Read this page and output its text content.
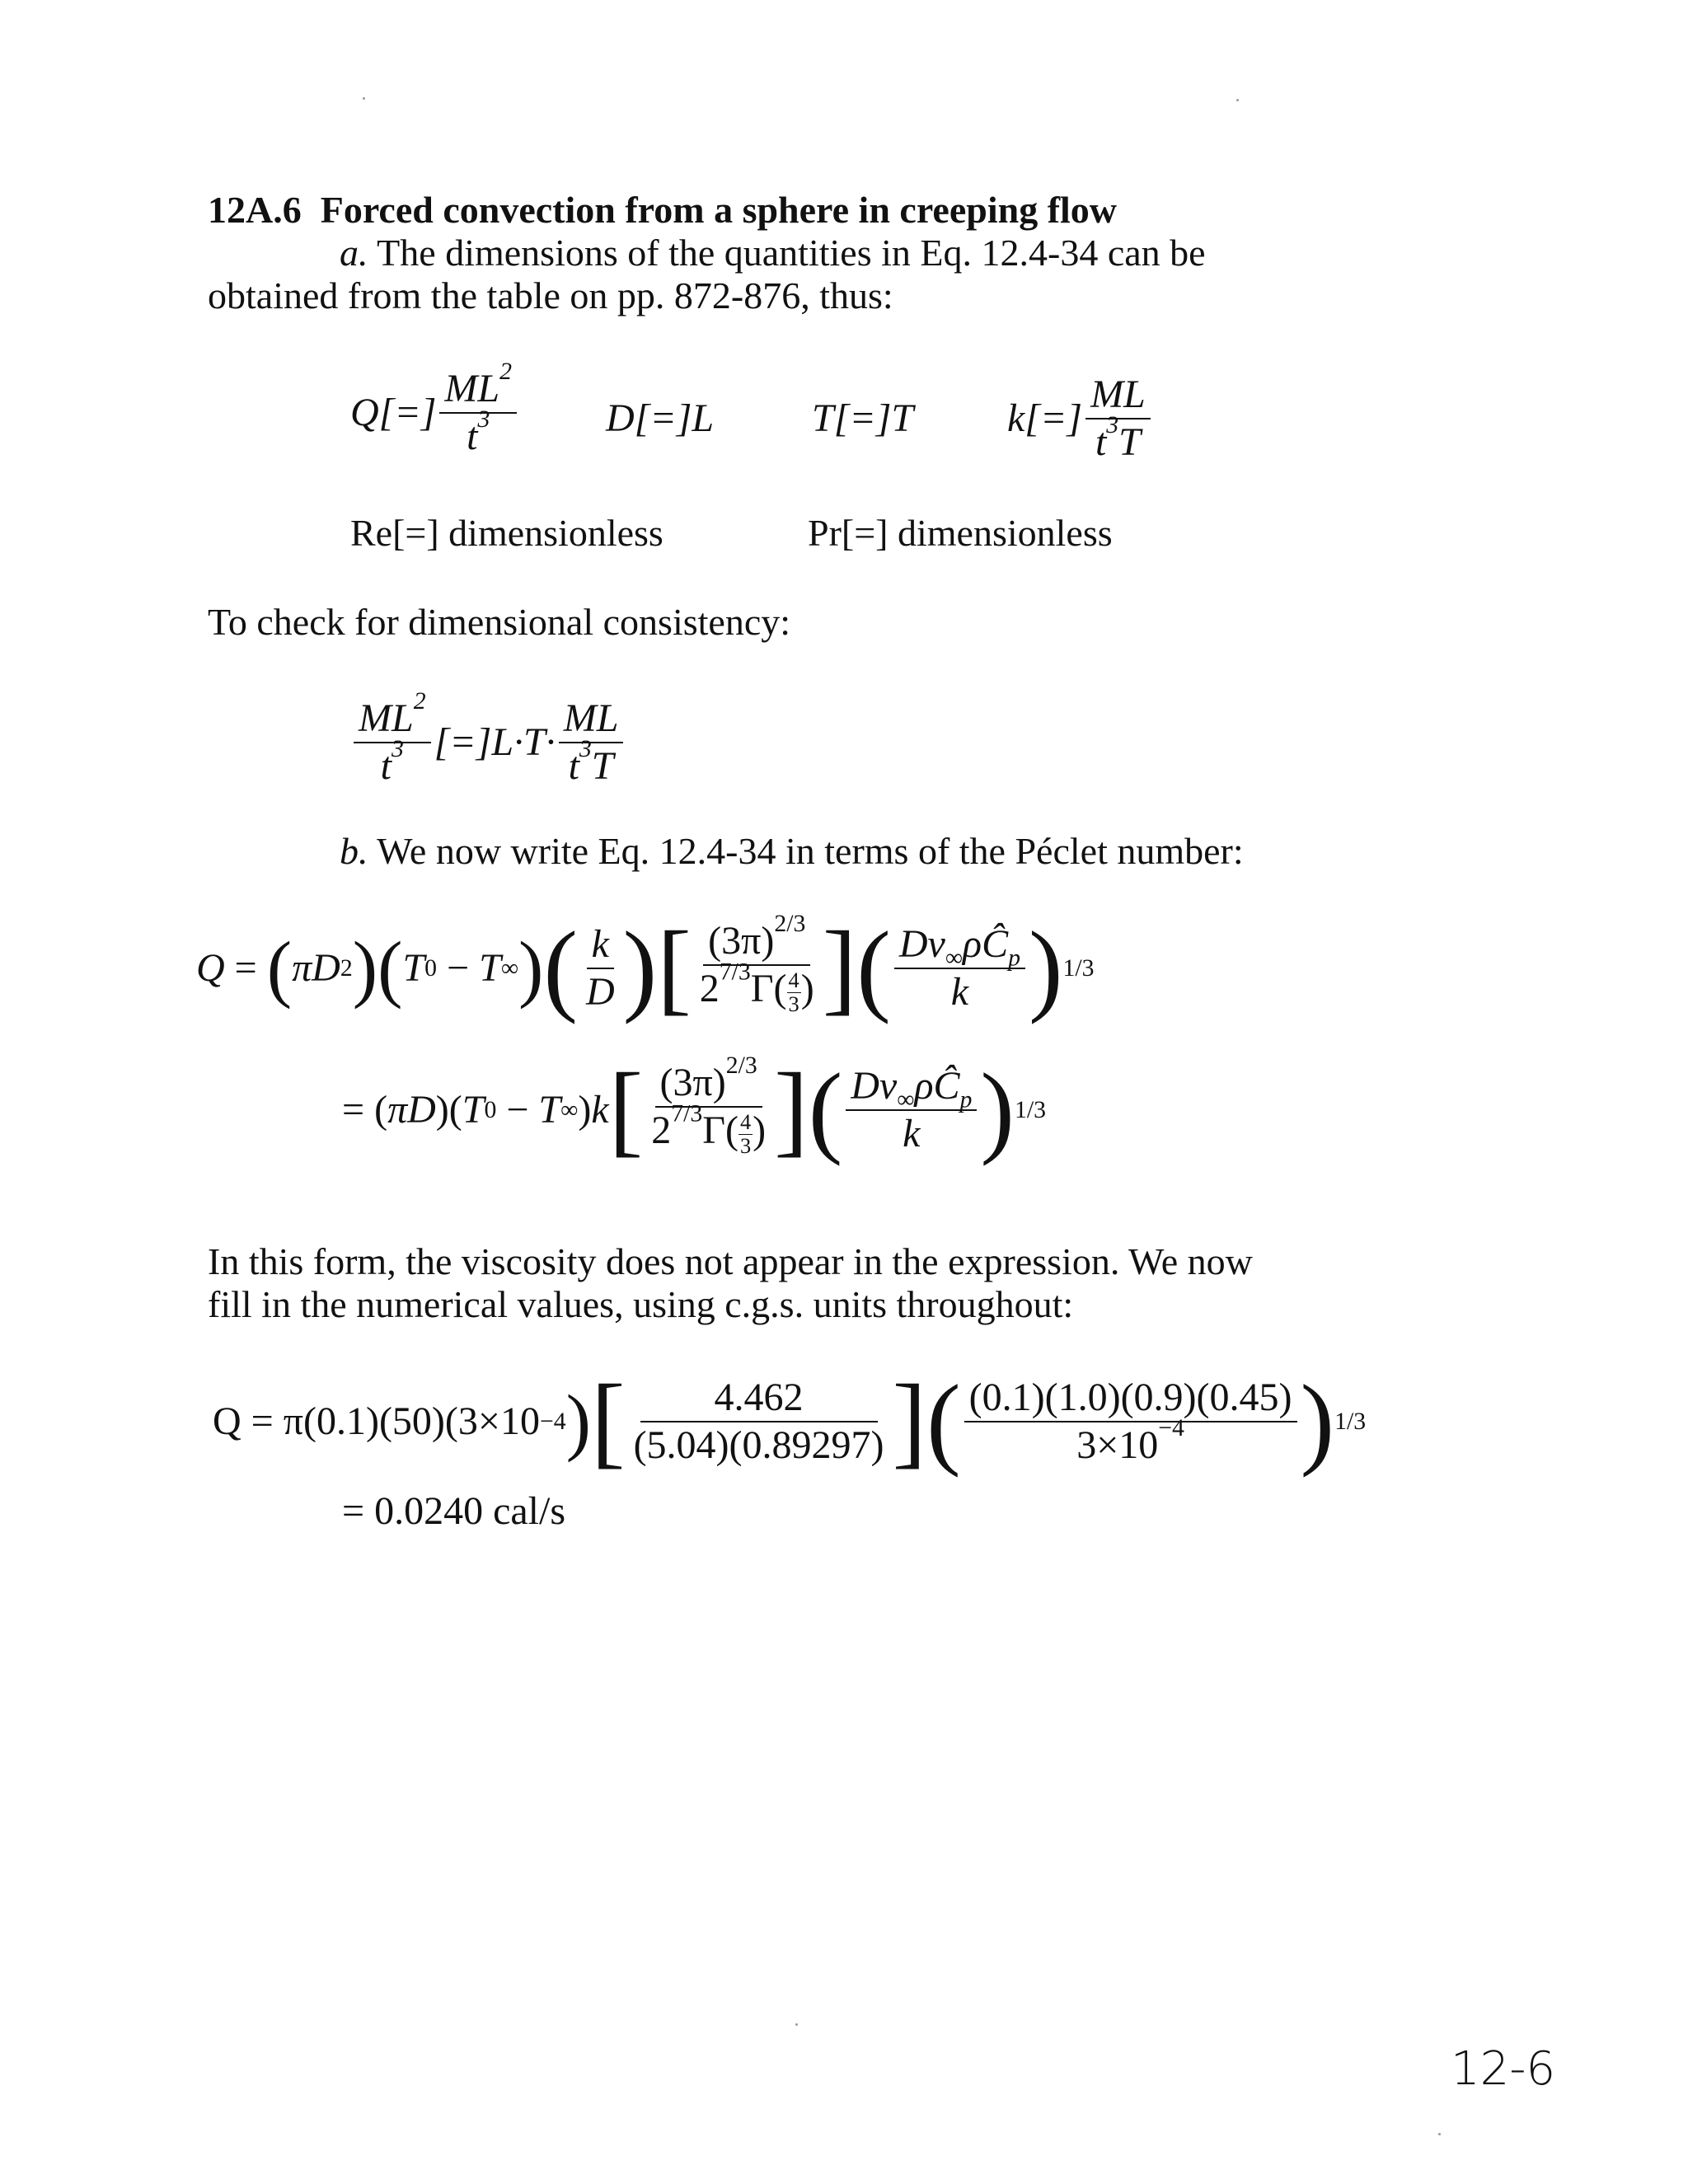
12A.6 Forced convection from a sphere in creeping flow
a. The dimensions of the quantities in Eq. 12.4-34 can be
obtained from the table on pp. 872-876, thus:
$Q[=] \frac{ML^2}{t^3} D[=]L$ T[=]T $k[=] \frac{ML}{t^3T}$
Re[=] dimensionless	Pr[=] dimensionless
To check for dimensional consistency:
$\frac{ML^2}{t^3} [=]L\cdot T\cdot \frac{ML}{t^3T}$
b. We now write Eq. 12.4-34 in terms of the Péclet number:
Q = ( πD 2 ) ( T 0 − T ∞ ) ( $\frac{k}{D}$ ) [ $\frac{(3\pi)^{2/3}}{2^{7/3}\Gamma( \frac{4}{3} )}$ ] ( $\frac{Dv_\infty\rho Ĉ_p}{k}$ ) 1/3
= ( πD )( T 0 − T ∞ ) k [ $\frac{(3\pi)^{2/3}}{2^{7/3}\Gamma( \frac{4}{3} )}$ ] ( $\frac{Dv_\infty\rho Ĉ_p}{k}$ ) 1/3
In this form, the viscosity does not appear in the expression. We now
fill in the numerical values, using c.g.s. units throughout:
Q = π(0.1)(50)(3×10 −4 ) [ $\frac{4.462}{(5.04)(0.89297)}$ ] ( $\frac{(0.1)(1.0)(0.9)(0.45)}{3\times 10^{-4}}$ ) 1/3
= 0.0240 cal/s
12-6
